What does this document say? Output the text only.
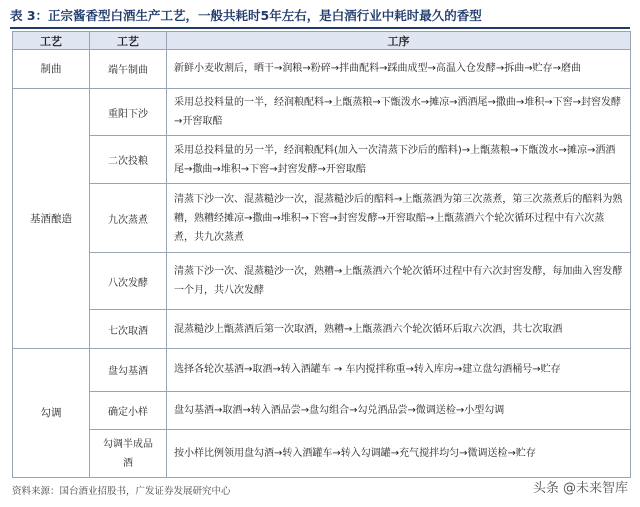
表 3：正宗酱香型白酒生产工艺，一般共耗时5年左右，是白酒行业中耗时最久的香型
工艺	工艺	工序
制曲	端午制曲	新鲜小麦收割后，晒干→润粮→粉碎→拌曲配料→踩曲成型→高温入仓发酵→拆曲→贮存→磨曲
基酒酿造	重阳下沙	采用总投料量的一半，经润粮配料→上甑蒸粮→下甑泼水→摊凉→洒酒尾→撒曲→堆积→下窖→封窖发酵→开窖取醅
	二次投粮	采用总投料量的另一半，经润粮配料(加入一次清蒸下沙后的醅料)→上甑蒸粮→下甑泼水→摊凉→洒酒尾→撒曲→堆积→下窖→封窖发酵→开窖取醅
	九次蒸煮	清蒸下沙一次、混蒸糙沙一次，混蒸糙沙后的醅料→上甑蒸酒为第三次蒸煮，第三次蒸煮后的醅料为熟糟，熟糟经摊凉→撒曲→堆积→下窖→封窖发酵→开窖取醅→上甑蒸酒六个轮次循环过程中有六次蒸煮，共九次蒸煮
	八次发酵	清蒸下沙一次、混蒸糙沙一次，熟糟→上甑蒸酒六个轮次循环过程中有六次封窖发酵，每加曲入窖发酵一个月，共八次发酵
	七次取酒	混蒸糙沙上甑蒸酒后第一次取酒，熟糟→上甑蒸酒六个轮次循环后取六次酒，共七次取酒
勾调	盘勾基酒	选择各轮次基酒→取酒→转入酒罐车 → 车内搅拌称重→转入库房→建立盘勾酒桶号→贮存
	确定小样	盘勾基酒→取酒→转入酒品尝→盘勾组合→勾兑酒品尝→微调送检→小型勾调
	勾调半成品酒	按小样比例领用盘勾酒→转入酒罐车→转入勾调罐→充气搅拌均匀→微调送检→贮存
资料来源：国台酒业招股书，广发证券发展研究中心	头条 @未来智库
